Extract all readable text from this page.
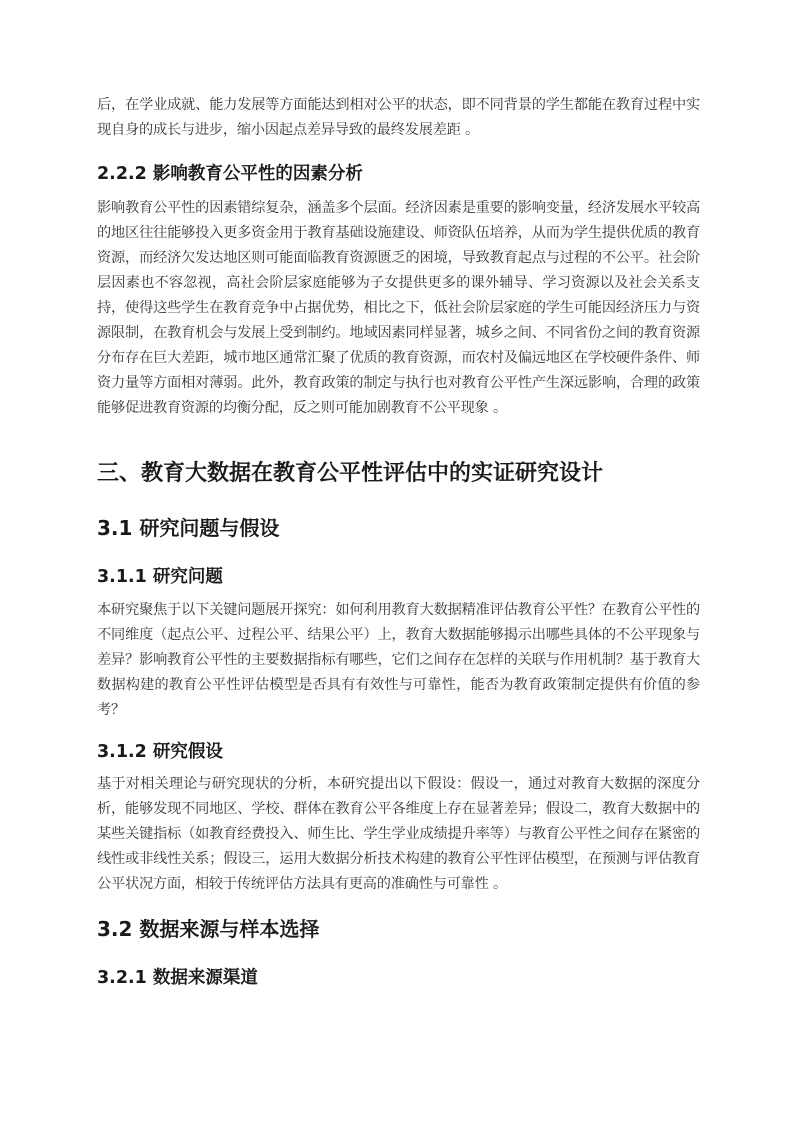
后，在学业成就、能力发展等方面能达到相对公平的状态，即不同背景的学生都能在教育过程中实现自身的成长与进步，缩小因起点差异导致的最终发展差距 。

2.2.2 影响教育公平性的因素分析

影响教育公平性的因素错综复杂，涵盖多个层面。经济因素是重要的影响变量，经济发展水平较高的地区往往能够投入更多资金用于教育基础设施建设、师资队伍培养，从而为学生提供优质的教育资源，而经济欠发达地区则可能面临教育资源匮乏的困境，导致教育起点与过程的不公平。社会阶层因素也不容忽视，高社会阶层家庭能够为子女提供更多的课外辅导、学习资源以及社会关系支持，使得这些学生在教育竞争中占据优势，相比之下，低社会阶层家庭的学生可能因经济压力与资源限制，在教育机会与发展上受到制约。地域因素同样显著，城乡之间、不同省份之间的教育资源分布存在巨大差距，城市地区通常汇聚了优质的教育资源，而农村及偏远地区在学校硬件条件、师资力量等方面相对薄弱。此外，教育政策的制定与执行也对教育公平性产生深远影响，合理的政策能够促进教育资源的均衡分配，反之则可能加剧教育不公平现象 。

三、教育大数据在教育公平性评估中的实证研究设计
3.1 研究问题与假设
3.1.1 研究问题

本研究聚焦于以下关键问题展开探究：如何利用教育大数据精准评估教育公平性？在教育公平性的不同维度（起点公平、过程公平、结果公平）上，教育大数据能够揭示出哪些具体的不公平现象与差异？影响教育公平性的主要数据指标有哪些，它们之间存在怎样的关联与作用机制？基于教育大数据构建的教育公平性评估模型是否具有有效性与可靠性，能否为教育政策制定提供有价值的参考？

3.1.2 研究假设

基于对相关理论与研究现状的分析，本研究提出以下假设：假设一，通过对教育大数据的深度分析，能够发现不同地区、学校、群体在教育公平各维度上存在显著差异；假设二，教育大数据中的某些关键指标（如教育经费投入、师生比、学生学业成绩提升率等）与教育公平性之间存在紧密的线性或非线性关系；假设三，运用大数据分析技术构建的教育公平性评估模型，在预测与评估教育公平状况方面，相较于传统评估方法具有更高的准确性与可靠性 。

3.2 数据来源与样本选择
3.2.1 数据来源渠道
